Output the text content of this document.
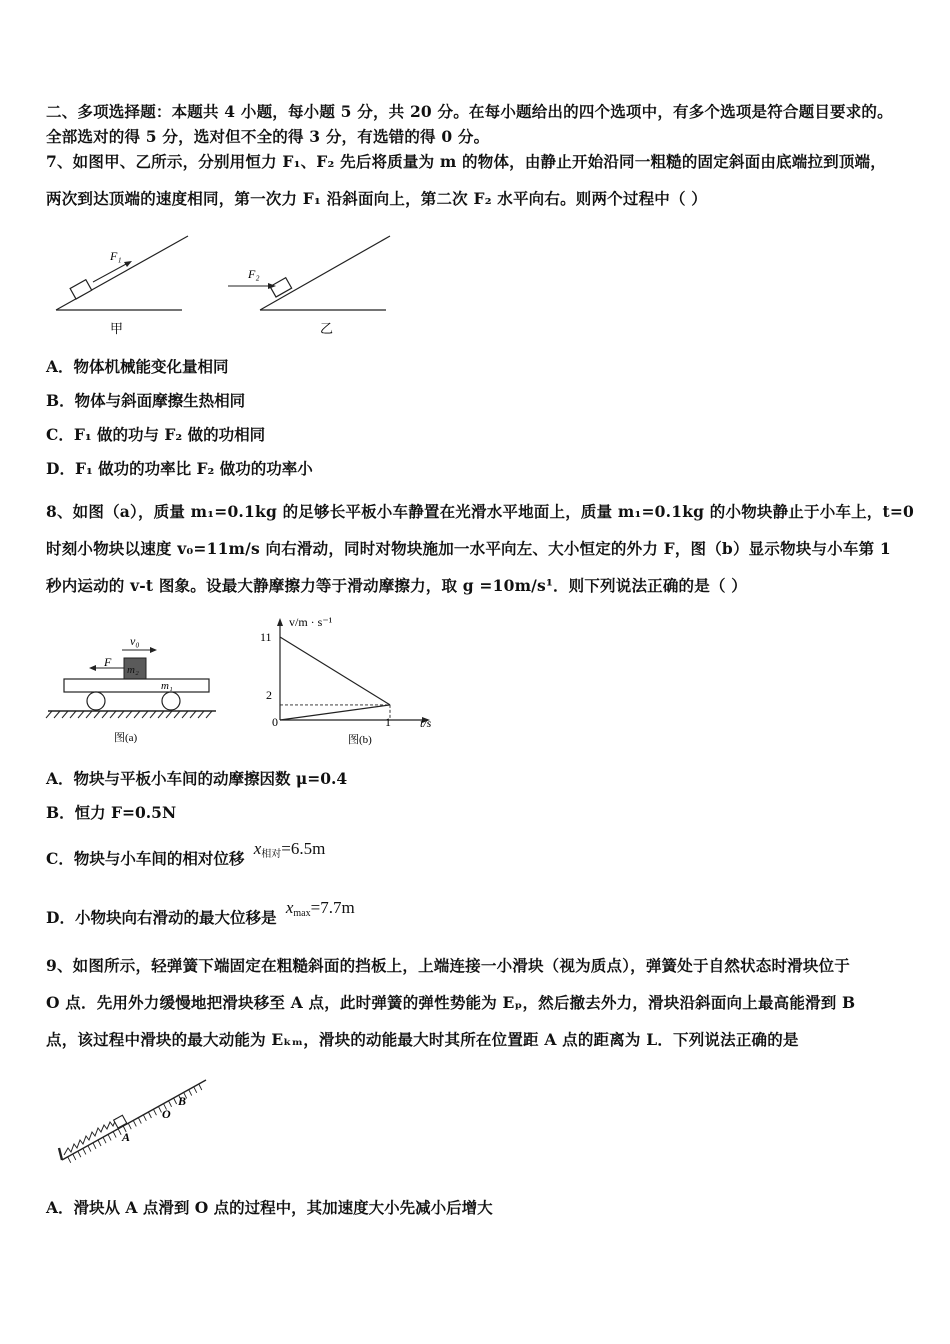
二、多项选择题：本题共 4 小题，每小题 5 分，共 20 分。在每小题给出的四个选项中，有多个选项是符合题目要求的。
全部选对的得 5 分，选对但不全的得 3 分，有选错的得 0 分。
7、如图甲、乙所示，分别用恒力 F₁、F₂ 先后将质量为 m 的物体，由静止开始沿同一粗糙的固定斜面由底端拉到顶端，
两次到达顶端的速度相同，第一次力 F₁ 沿斜面向上，第二次 F₂ 水平向右。则两个过程中（ ）
F₁
甲
F₂
乙
A．物体机械能变化量相同
B．物体与斜面摩擦生热相同
C．F₁ 做的功与 F₂ 做的功相同
D．F₁ 做功的功率比 F₂ 做功的功率小
8、如图（a），质量 m₁=0.1kg 的足够长平板小车静置在光滑水平地面上，质量 m₁=0.1kg 的小物块静止于小车上，t=0
时刻小物块以速度 v₀=11m/s 向右滑动，同时对物块施加一水平向左、大小恒定的外力 F，图（b）显示物块与小车第 1
秒内运动的 v-t 图象。设最大静摩擦力等于滑动摩擦力，取 g =10m/s¹．则下列说法正确的是（ ）
v₀
F
m₂
m₁
图(a)
v/m · s⁻¹
t/s
11
2
0	1
图(b)
A．物块与平板小车间的动摩擦因数 μ=0.4
B．恒力 F=0.5N
C．物块与小车间的相对位移 $x_{相对}=6.5m$
D．小物块向右滑动的最大位移是 $x_{max}=7.7m$
9、如图所示，轻弹簧下端固定在粗糙斜面的挡板上，上端连接一小滑块（视为质点），弹簧处于自然状态时滑块位于
O 点．先用外力缓慢地把滑块移至 A 点，此时弹簧的弹性势能为 Eₚ，然后撤去外力，滑块沿斜面向上最高能滑到 B
点，该过程中滑块的最大动能为 Eₖₘ，滑块的动能最大时其所在位置距 A 点的距离为 L．下列说法正确的是
A
O
B
A．滑块从 A 点滑到 O 点的过程中，其加速度大小先减小后增大
